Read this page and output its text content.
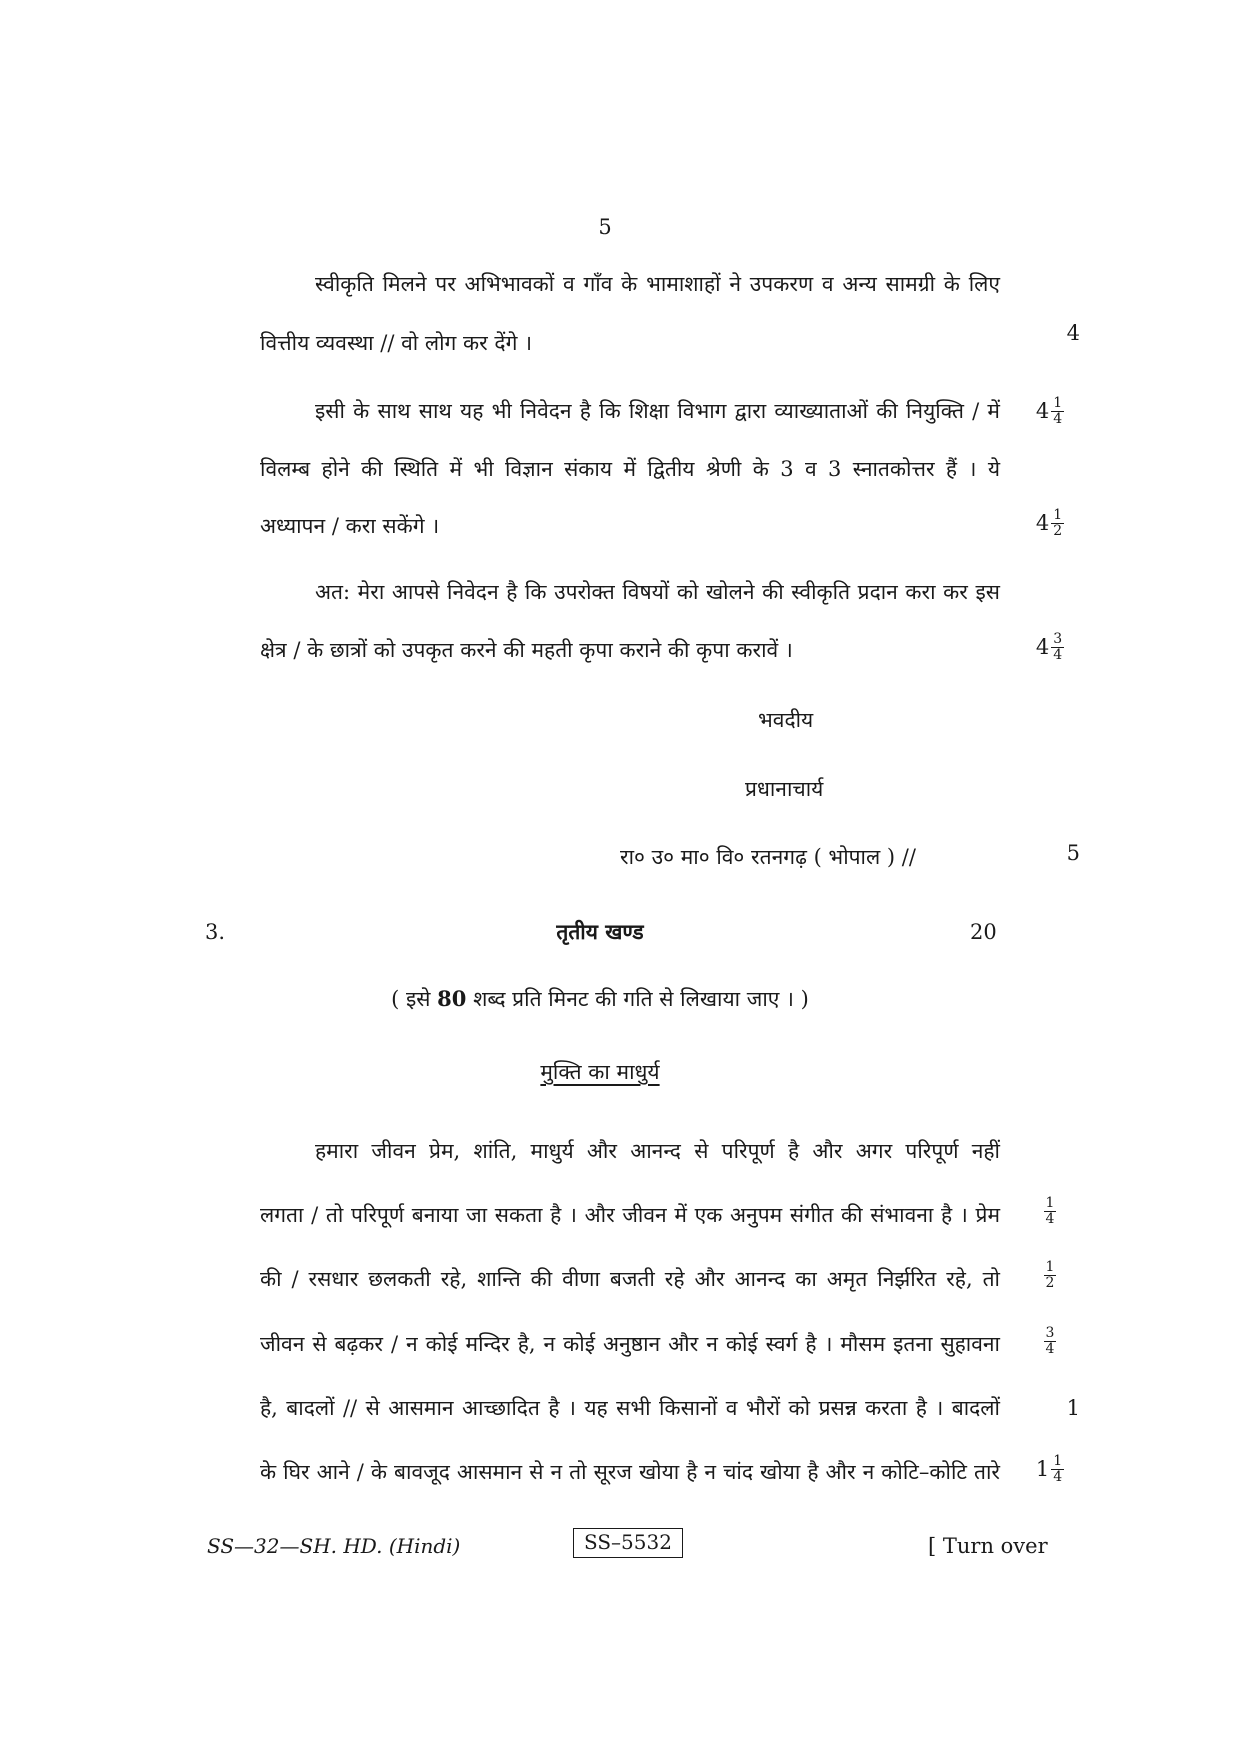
5
स्वीकृति मिलने पर अभिभावकों व गाँव के भामाशाहों ने उपकरण व अन्य सामग्री के लिए
वित्तीय व्यवस्था // वो लोग कर देंगे ।	4
इसी के साथ साथ यह भी निवेदन है कि शिक्षा विभाग द्वारा व्याख्याताओं की नियुक्ति / में $4 \frac{1}{4}$
विलम्ब होने की स्थिति में भी विज्ञान संकाय में द्वितीय श्रेणी के 3 व 3 स्नातकोत्तर हैं । ये
अध्यापन / करा सकेंगे ।	$4 \frac{1}{2}$
अत: मेरा आपसे निवेदन है कि उपरोक्त विषयों को खोलने की स्वीकृति प्रदान करा कर इस
क्षेत्र / के छात्रों को उपकृत करने की महती कृपा कराने की कृपा करावें ।	$4 \frac{3}{4}$
भवदीय
प्रधानाचार्य
रा० उ० मा० वि० रतनगढ़ ( भोपाल ) //	5
3.	तृतीय खण्ड	20
( इसे 80 शब्द प्रति मिनट की गति से लिखाया जाए । )
मुक्ति का माधुर्य
हमारा जीवन प्रेम, शांति, माधुर्य और आनन्द से परिपूर्ण है और अगर परिपूर्ण नहीं
लगता / तो परिपूर्ण बनाया जा सकता है । और जीवन में एक अनुपम संगीत की संभावना है । प्रेम	$\frac{1}{4}$
की / रसधार छलकती रहे, शान्ति की वीणा बजती रहे और आनन्द का अमृत निर्झरित रहे, तो	$\frac{1}{2}$
जीवन से बढ़कर / न कोई मन्दिर है, न कोई अनुष्ठान और न कोई स्वर्ग है । मौसम इतना सुहावना	$\frac{3}{4}$
है, बादलों // से आसमान आच्छादित है । यह सभी किसानों व भौरों को प्रसन्न करता है । बादलों	1
के घिर आने / के बावजूद आसमान से न तो सूरज खोया है न चांद खोया है और न कोटि–कोटि तारे $1 \frac{1}{4}$
SS—32—SH. HD. (Hindi)	SS–5532	[ Turn over
